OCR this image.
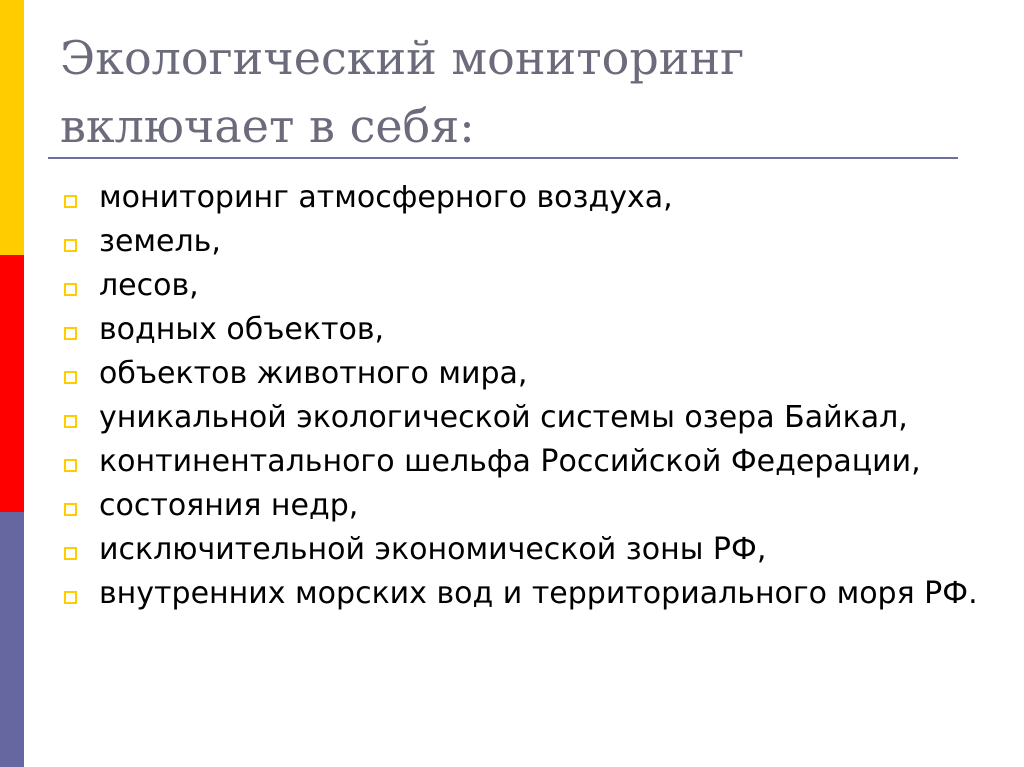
Экологический мониторинг включает в себя:
мониторинг атмосферного воздуха,
земель,
лесов,
водных объектов,
объектов животного мира,
уникальной экологической системы озера Байкал,
континентального шельфа Российской Федерации,
состояния недр,
исключительной экономической зоны РФ,
внутренних морских вод и территориального моря РФ.
